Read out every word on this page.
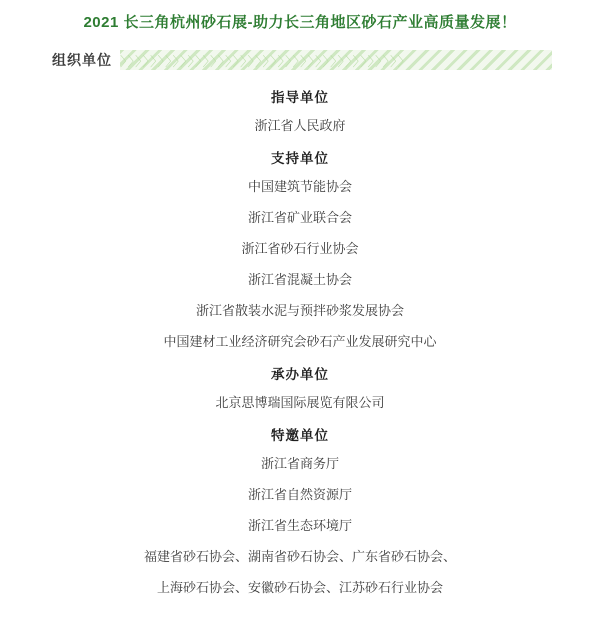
2021 长三角杭州砂石展-助力长三角地区砂石产业高质量发展！
组织单位 〉〉〉〉〉〉〉〉〉〉〉〉〉〉〉〉〉〉〉〉〉〉〉〉〉〉〉〉〉〉〉〉〉〉〉〉〉〉
指导单位
浙江省人民政府
支持单位
中国建筑节能协会
浙江省矿业联合会
浙江省砂石行业协会
浙江省混凝土协会
浙江省散装水泥与预拌砂浆发展协会
中国建材工业经济研究会砂石产业发展研究中心
承办单位
北京思博瑞国际展览有限公司
特邀单位
浙江省商务厅
浙江省自然资源厅
浙江省生态环境厅
福建省砂石协会、湖南省砂石协会、广东省砂石协会、
上海砂石协会、安徽砂石协会、江苏砂石行业协会
